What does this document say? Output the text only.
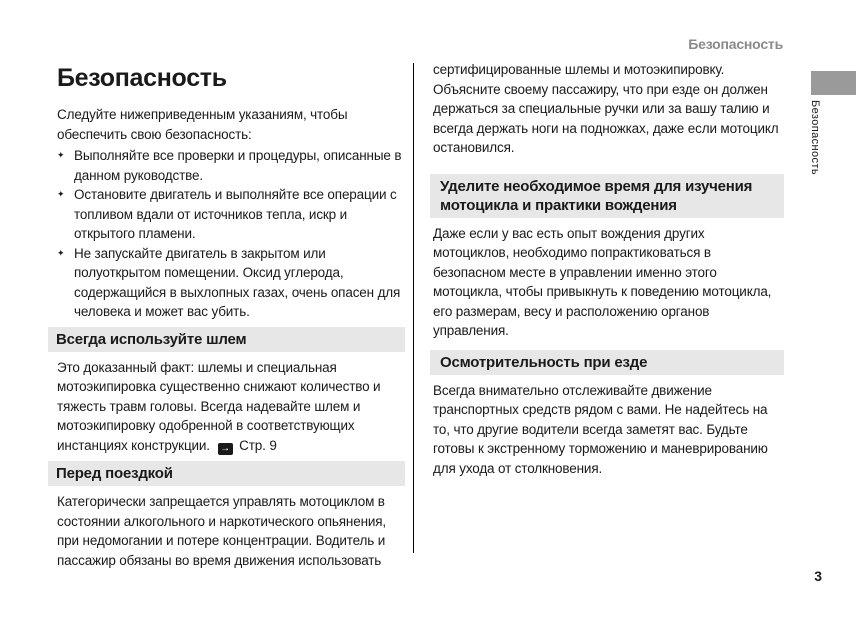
Безопасность
Безопасность
Безопасность

Следуйте нижеприведенным указаниям, чтобы обеспечить свою безопасность:

✦ Выполняйте все проверки и процедуры, описанные в данном руководстве.
✦ Остановите двигатель и выполняйте все операции с топливом вдали от источников тепла, искр и открытого пламени.
✦ Не запускайте двигатель в закрытом или полуоткрытом помещении. Оксид углерода, содержащийся в выхлопных газах, очень опасен для человека и может вас убить.
Всегда используйте шлем

Это доказанный факт: шлемы и специальная мотоэкипировка существенно снижают количество и тяжесть травм головы. Всегда надевайте шлем и мотоэкипировку одобренной в соответствующих инстанциях конструкции. → Стр. 9

Перед поездкой

Категорически запрещается управлять мотоциклом в состоянии алкогольного и наркотического опьянения, при недомогании и потере концентрации. Водитель и пассажир обязаны во время движения использовать

сертифицированные шлемы и мотоэкипировку. Объясните своему пассажиру, что при езде он должен держаться за специальные ручки или за вашу талию и всегда держать ноги на подножках, даже если мотоцикл остановился.

Уделите необходимое время для изучения мотоцикла и практики вождения

Даже если у вас есть опыт вождения других мотоциклов, необходимо попрактиковаться в безопасном месте в управлении именно этого мотоцикла, чтобы привыкнуть к поведению мотоцикла, его размерам, весу и расположению органов управления.

Осмотрительность при езде

Всегда внимательно отслеживайте движение транспортных средств рядом с вами. Не надейтесь на то, что другие водители всегда заметят вас. Будьте готовы к экстренному торможению и маневрированию для ухода от столкновения.

3
